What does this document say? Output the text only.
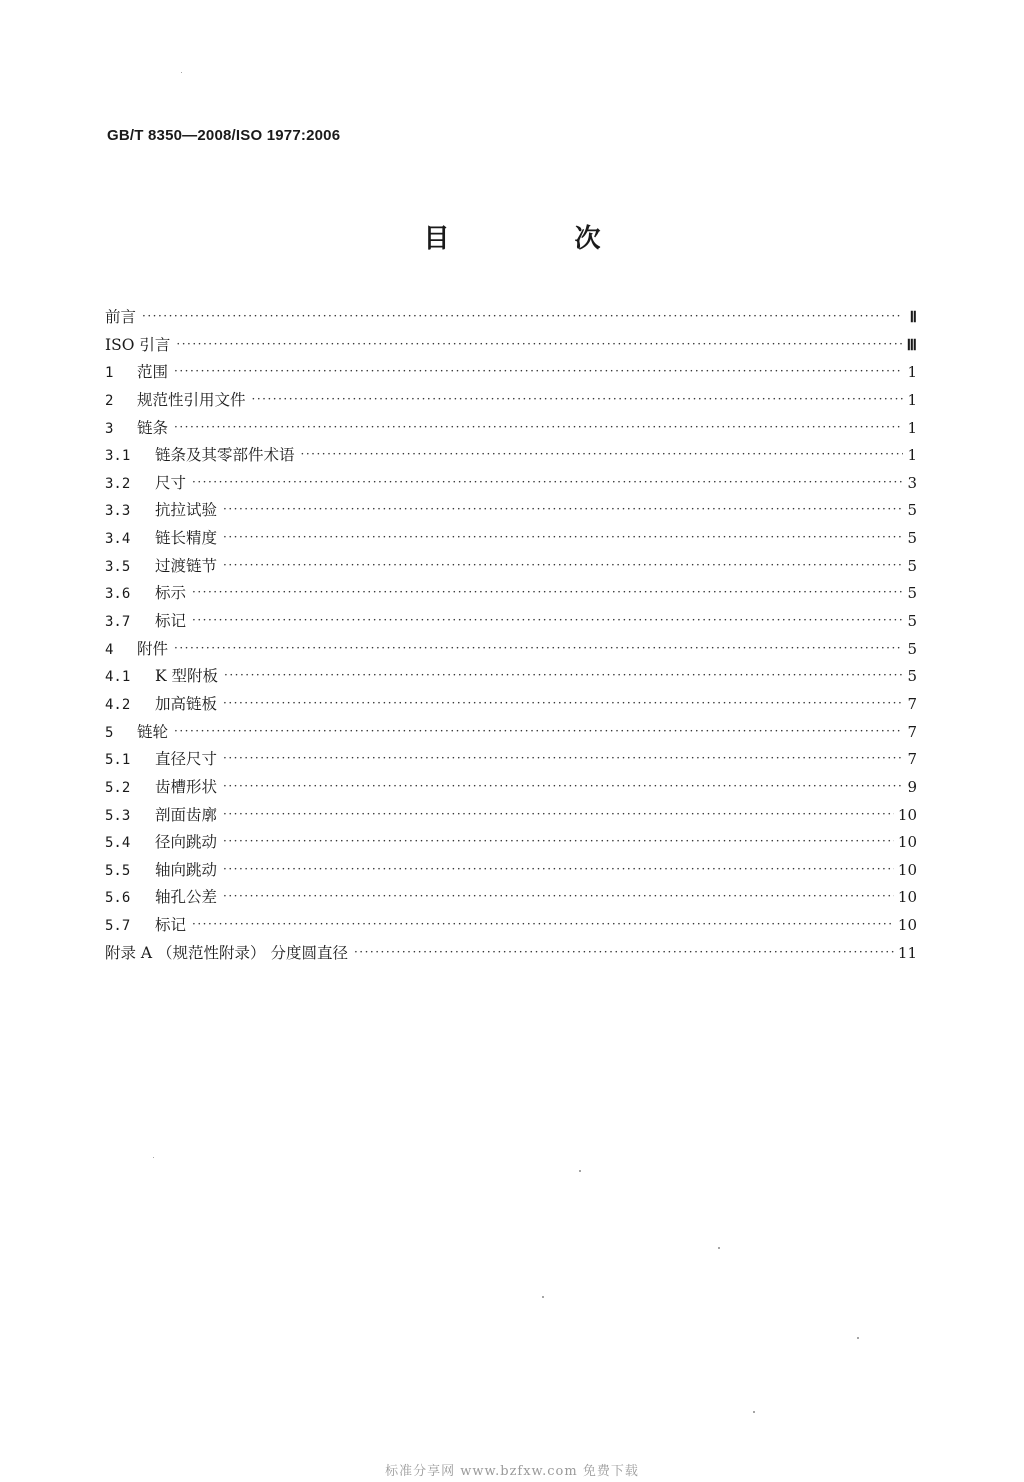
GB/T 8350—2008/ISO 1977:2006
目 次
前言 ·····	Ⅱ
ISO 引言 ·····	Ⅲ
1	范围 ·····	1
2	规范性引用文件 ·····	1
3	链条 ·····	1
3.1	链条及其零部件术语 ·····	1
3.2	尺寸 ·····	3
3.3	抗拉试验 ·····	5
3.4	链长精度 ·····	5
3.5	过渡链节 ·····	5
3.6	标示 ·····	5
3.7	标记 ·····	5
4	附件 ·····	5
4.1	K 型附板 ·····	5
4.2	加高链板 ·····	7
5	链轮 ·····	7
5.1	直径尺寸 ·····	7
5.2	齿槽形状 ·····	9
5.3	剖面齿廓 ·····	10
5.4	径向跳动 ·····	10
5.5	轴向跳动 ·····	10
5.6	轴孔公差 ·····	10
5.7	标记 ·····	10
附录 A （规范性附录） 分度圆直径 ·····	11
标准分享网 www.bzfxw.com 免费下载
